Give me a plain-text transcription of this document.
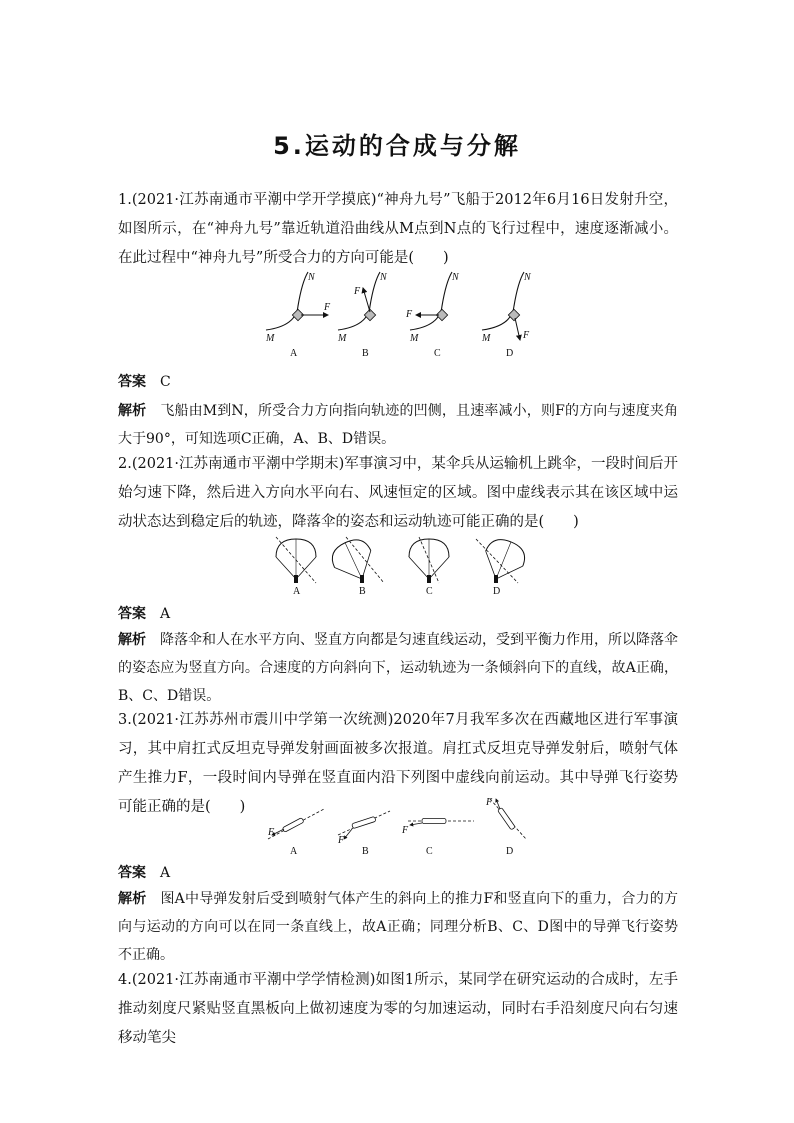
5.运动的合成与分解
1.(2021·江苏南通市平潮中学开学摸底)“神舟九号”飞船于2012年6月16日发射升空，如图所示，在“神舟九号”靠近轨道沿曲线从M点到N点的飞行过程中，速度逐渐减小。在此过程中“神舟九号”所受合力的方向可能是(　　)
F
N
M
A
F
N
M
B
F
N
M
C
F
N
M
D
答案 C
解析 飞船由M到N，所受合力方向指向轨迹的凹侧，且速率减小，则F的方向与速度夹角大于90°，可知选项C正确，A、B、D错误。
2.(2021·江苏南通市平潮中学期末)军事演习中，某伞兵从运输机上跳伞，一段时间后开始匀速下降，然后进入方向水平向右、风速恒定的区域。图中虚线表示其在该区域中运动状态达到稳定后的轨迹，降落伞的姿态和运动轨迹可能正确的是(　　)
A	B	C	D
答案 A
解析 降落伞和人在水平方向、竖直方向都是匀速直线运动，受到平衡力作用，所以降落伞的姿态应为竖直方向。合速度的方向斜向下，运动轨迹为一条倾斜向下的直线，故A正确，B、C、D错误。
3.(2021·江苏苏州市震川中学第一次统测)2020年7月我军多次在西藏地区进行军事演习，其中肩扛式反坦克导弹发射画面被多次报道。肩扛式反坦克导弹发射后，喷射气体产生推力F，一段时间内导弹在竖直面内沿下列图中虚线向前运动。其中导弹飞行姿势可能正确的是(　　)
F
A
F
B
F
C
F
D
答案 A
解析 图A中导弹发射后受到喷射气体产生的斜向上的推力F和竖直向下的重力，合力的方向与运动的方向可以在同一条直线上，故A正确；同理分析B、C、D图中的导弹飞行姿势不正确。
4.(2021·江苏南通市平潮中学学情检测)如图1所示，某同学在研究运动的合成时，左手推动刻度尺紧贴竖直黑板向上做初速度为零的匀加速运动，同时右手沿刻度尺向右匀速移动笔尖
